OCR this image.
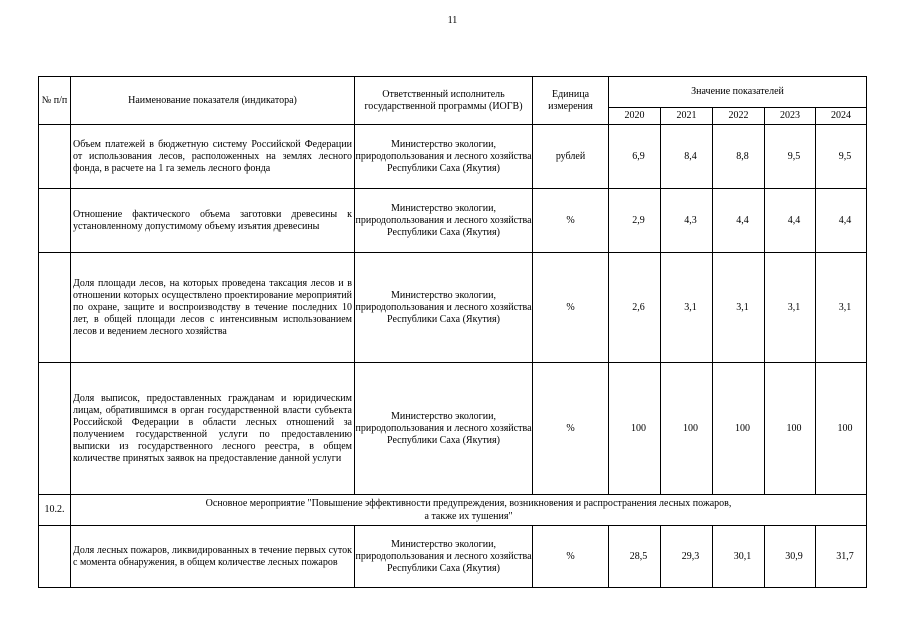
11
№ п/п	Наименование показателя (индикатора)	Ответственный исполнитель государственной программы (ИОГВ)	Единица измерения	Значение показателей				
				2020	2021	2022	2023	2024
	Объем платежей в бюджетную систему Российской Федерации от использования лесов, расположенных на землях лесного фонда, в расчете на 1 га земель лесного фонда	Министерство экологии, природопользования и лесного хозяйства Республики Саха (Якутия)	рублей	6,9	8,4	8,8	9,5	9,5
	Отношение фактического объема заготовки древесины к установленному допустимому объему изъятия древесины	Министерство экологии, природопользования и лесного хозяйства Республики Саха (Якутия)	%	2,9	4,3	4,4	4,4	4,4
	Доля площади лесов, на которых проведена таксация лесов и в отношении которых осуществлено проектирование мероприятий по охране, защите и воспроизводству в течение последних 10 лет, в общей площади лесов с интенсивным использованием лесов и ведением лесного хозяйства	Министерство экологии, природопользования и лесного хозяйства Республики Саха (Якутия)	%	2,6	3,1	3,1	3,1	3,1
	Доля выписок, предоставленных гражданам и юридическим лицам, обратившимся в орган государственной власти субъекта Российской Федерации в области лесных отношений за получением государственной услуги по предоставлению выписки из государственного лесного реестра, в общем количестве принятых заявок на предоставление данной услуги	Министерство экологии, природопользования и лесного хозяйства Республики Саха (Якутия)	%	100	100	100	100	100
10.2.	Основное мероприятие "Повышение эффективности предупреждения, возникновения и распространения лесных пожаров,
а также их тушения"							

	Доля лесных пожаров, ликвидированных в течение первых суток с момента обнаружения, в общем количестве лесных пожаров	Министерство экологии, природопользования и лесного хозяйства Республики Саха (Якутия)	%	28,5	29,3	30,1	30,9	31,7
